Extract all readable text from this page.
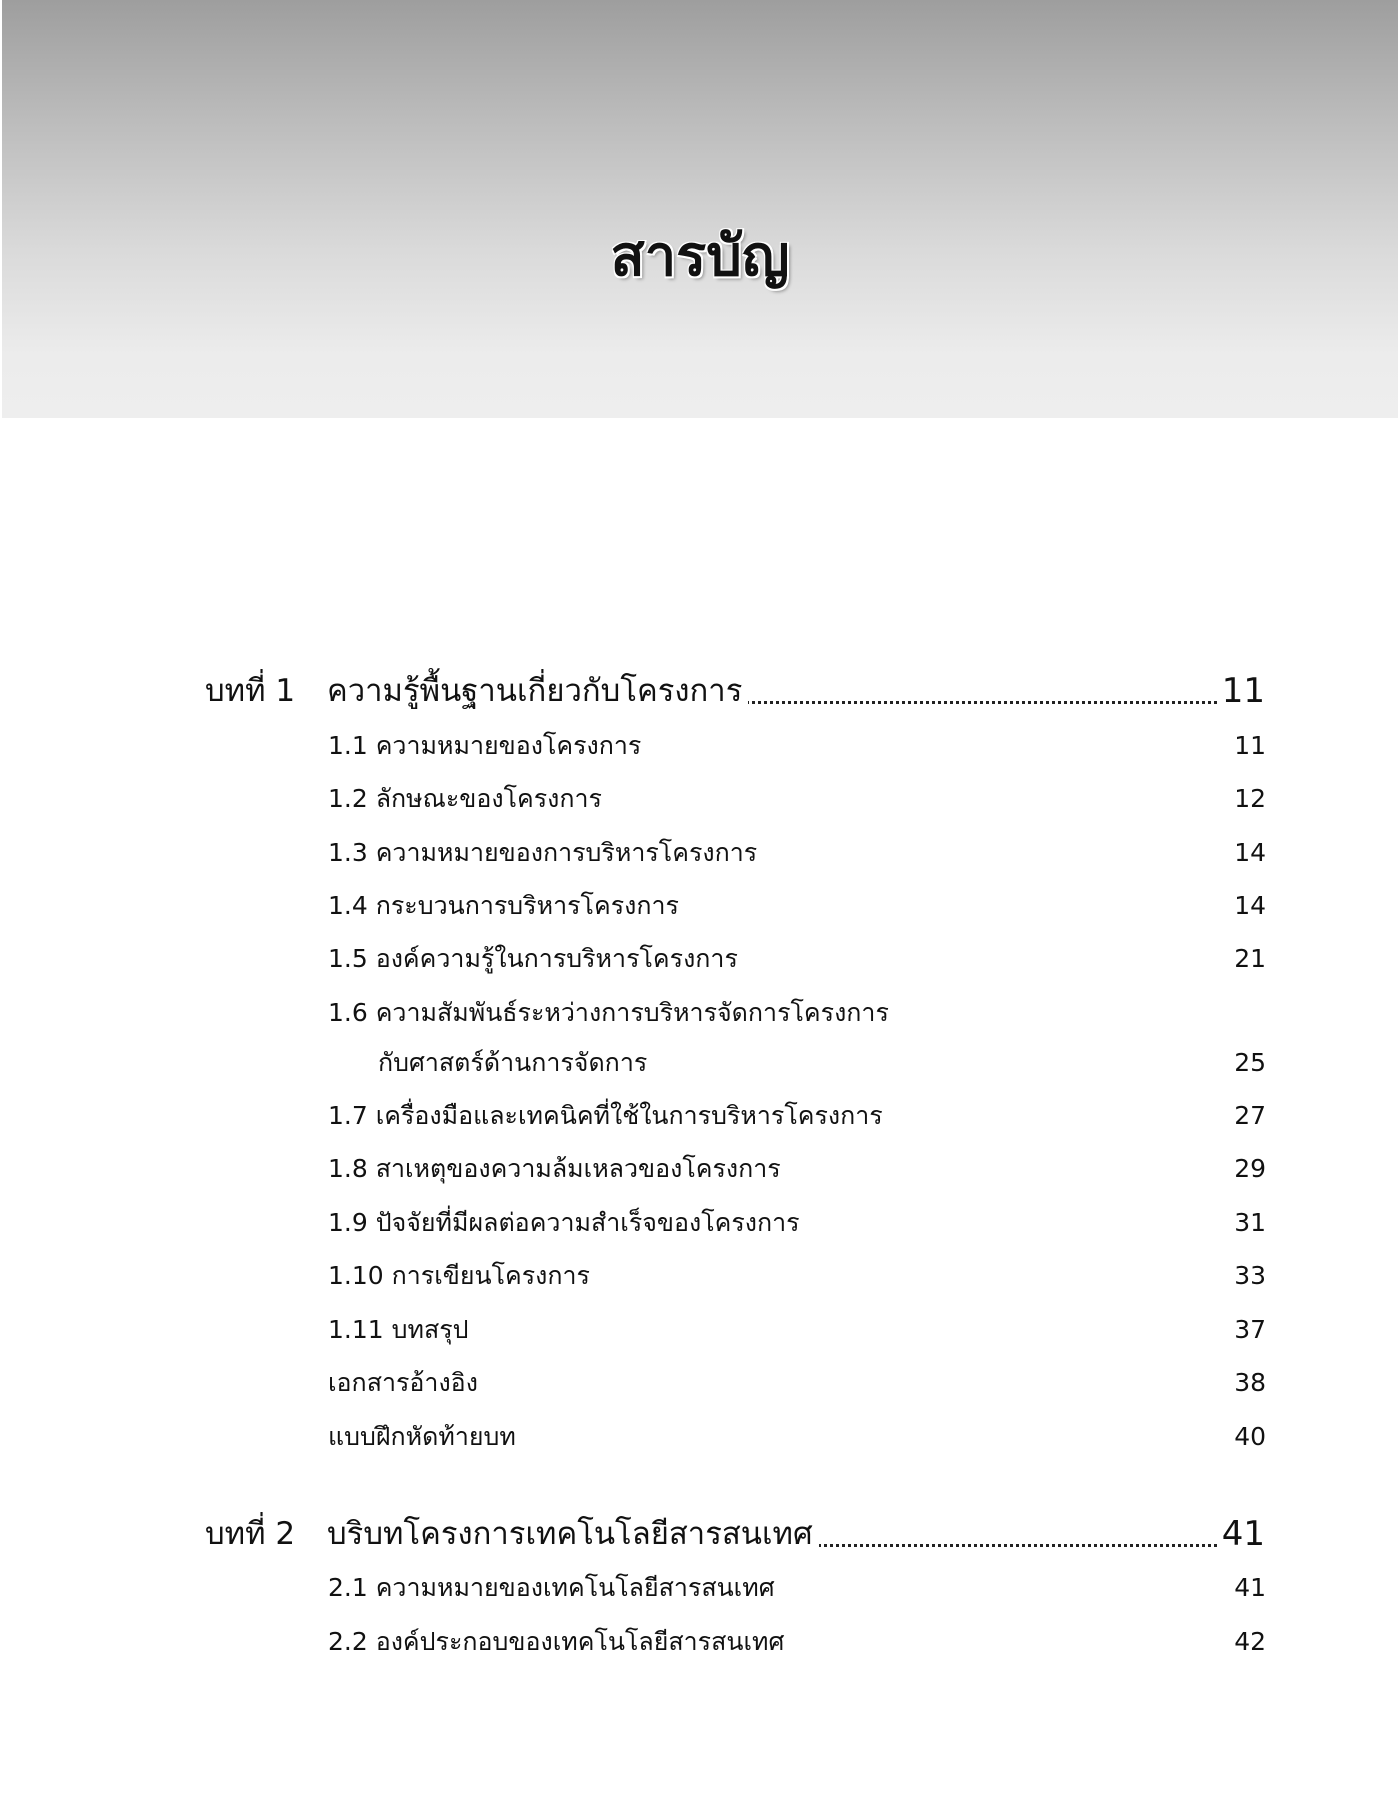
สารบัญ
บทที่ 1 ความรู้พื้นฐานเกี่ยวกับโครงการ	11
1.1 ความหมายของโครงการ	11
1.2 ลักษณะของโครงการ	12
1.3 ความหมายของการบริหารโครงการ	14
1.4 กระบวนการบริหารโครงการ	14
1.5 องค์ความรู้ในการบริหารโครงการ	21
1.6 ความสัมพันธ์ระหว่างการบริหารจัดการโครงการ
กับศาสตร์ด้านการจัดการ	25
1.7 เครื่องมือและเทคนิคที่ใช้ในการบริหารโครงการ	27
1.8 สาเหตุของความล้มเหลวของโครงการ	29
1.9 ปัจจัยที่มีผลต่อความสำเร็จของโครงการ	31
1.10 การเขียนโครงการ	33
1.11 บทสรุป	37
เอกสารอ้างอิง	38
แบบฝึกหัดท้ายบท	40
บทที่ 2 บริบทโครงการเทคโนโลยีสารสนเทศ	41
2.1 ความหมายของเทคโนโลยีสารสนเทศ	41
2.2 องค์ประกอบของเทคโนโลยีสารสนเทศ	42
